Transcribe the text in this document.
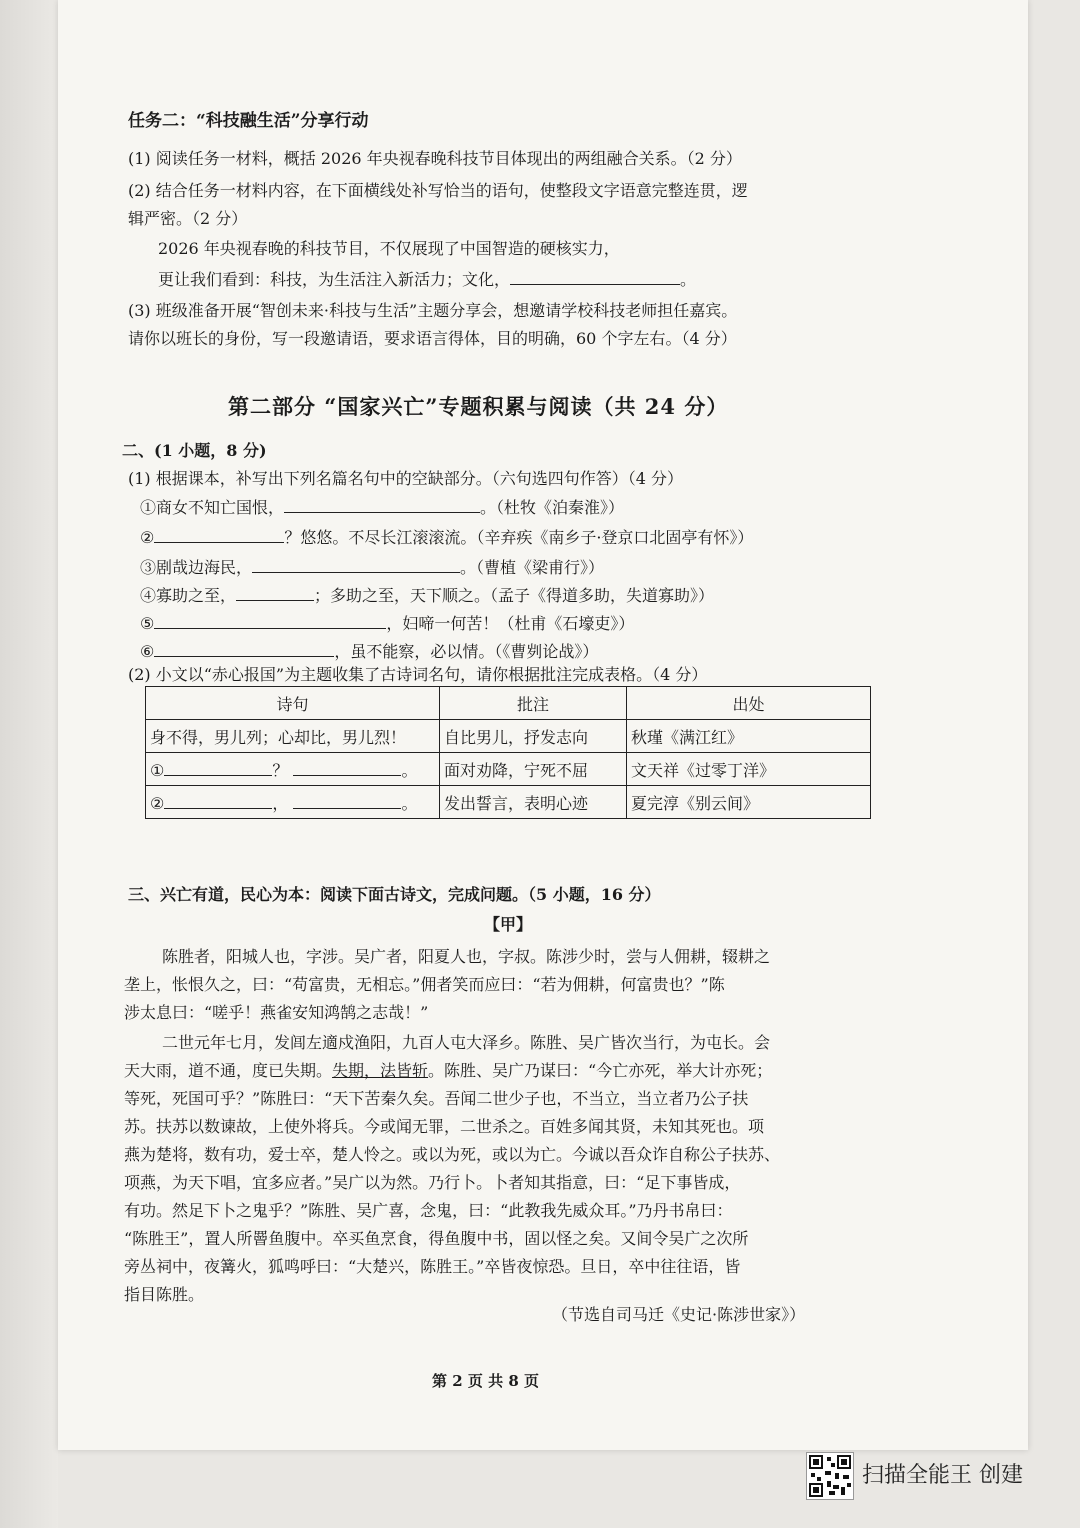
任务二：“科技融生活”分享行动
(1) 阅读任务一材料，概括 2026 年央视春晚科技节目体现出的两组融合关系。（2 分）
(2) 结合任务一材料内容，在下面横线处补写恰当的语句，使整段文字语意完整连贯，逻
辑严密。（2 分）
2026 年央视春晚的科技节目，不仅展现了中国智造的硬核实力，
更让我们看到：科技，为生活注入新活力；文化，	。
(3) 班级准备开展“智创未来·科技与生活”主题分享会，想邀请学校科技老师担任嘉宾。
请你以班长的身份，写一段邀请语，要求语言得体，目的明确，60 个字左右。（4 分）
第二部分 “国家兴亡”专题积累与阅读（共 24 分）
二、(1 小题，8 分)
(1) 根据课本，补写出下列名篇名句中的空缺部分。（六句选四句作答）（4 分）
①商女不知亡国恨，	。（杜牧《泊秦淮》）
②	？悠悠。不尽长江滚滚流。（辛弃疾《南乡子·登京口北固亭有怀》）
③剧哉边海民，	。（曹植《梁甫行》）
④寡助之至，	；多助之至，天下顺之。（孟子《得道多助，失道寡助》）
⑤	，妇啼一何苦！（杜甫《石壕吏》）
⑥	，虽不能察，必以情。（《曹刿论战》）
(2) 小文以“赤心报国”为主题收集了古诗词名句，请你根据批注完成表格。（4 分）
诗句	批注	出处
身不得，男儿列；心却比，男儿烈！	自比男儿，抒发志向	秋瑾《满江红》
① ？ 。	面对劝降，宁死不屈	文天祥《过零丁洋》
② ， 。	发出誓言，表明心迹	夏完淳《别云间》
三、兴亡有道，民心为本：阅读下面古诗文，完成问题。（5 小题，16 分）
【甲】
陈胜者，阳城人也，字涉。吴广者，阳夏人也，字叔。陈涉少时，尝与人佣耕，辍耕之
垄上，怅恨久之，曰：“苟富贵，无相忘。”佣者笑而应曰：“若为佣耕，何富贵也？”陈
涉太息曰：“嗟乎！燕雀安知鸿鹄之志哉！”
二世元年七月，发闾左適戍渔阳，九百人屯大泽乡。陈胜、吴广皆次当行，为屯长。会
天大雨，道不通，度已失期。失期，法皆斩。陈胜、吴广乃谋曰：“今亡亦死，举大计亦死；
等死，死国可乎？”陈胜曰：“天下苦秦久矣。吾闻二世少子也，不当立，当立者乃公子扶
苏。扶苏以数谏故，上使外将兵。今或闻无罪，二世杀之。百姓多闻其贤，未知其死也。项
燕为楚将，数有功，爱士卒，楚人怜之。或以为死，或以为亡。今诚以吾众诈自称公子扶苏、
项燕，为天下唱，宜多应者。”吴广以为然。乃行卜。卜者知其指意，曰：“足下事皆成，
有功。然足下卜之鬼乎？”陈胜、吴广喜，念鬼，曰：“此教我先威众耳。”乃丹书帛曰：
“陈胜王”，置人所罾鱼腹中。卒买鱼烹食，得鱼腹中书，固以怪之矣。又间令吴广之次所
旁丛祠中，夜篝火，狐鸣呼曰：“大楚兴，陈胜王。”卒皆夜惊恐。旦日，卒中往往语，皆
指目陈胜。
（节选自司马迁《史记·陈涉世家》）
第 2 页 共 8 页
扫描全能王 创建
